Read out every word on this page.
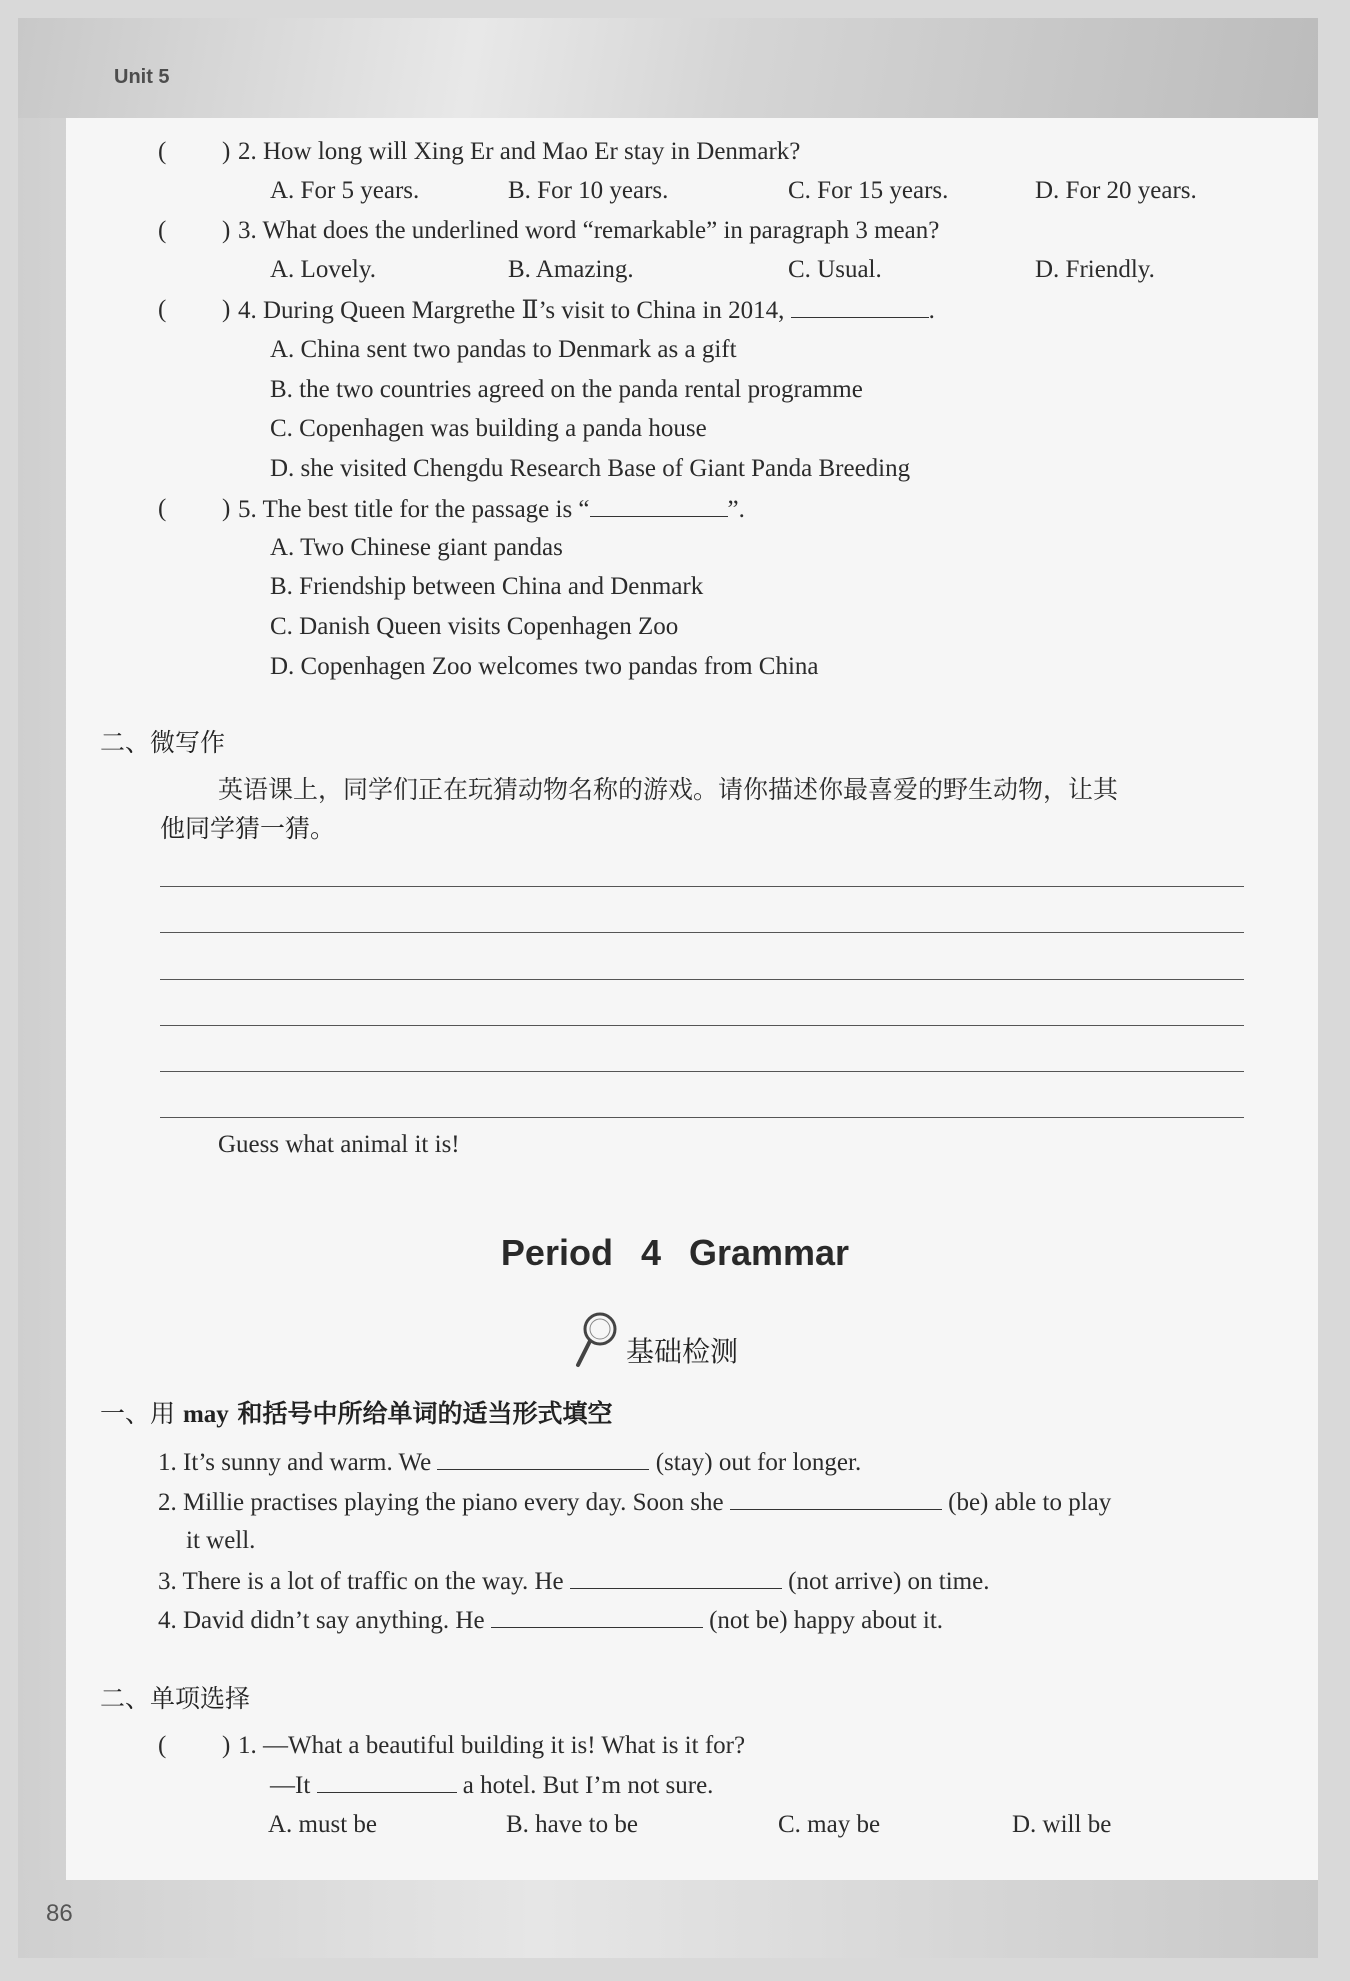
Unit 5
( ) 2. How long will Xing Er and Mao Er stay in Denmark?
A. For 5 years.	B. For 10 years.	C. For 15 years.	D. For 20 years.
( ) 3. What does the underlined word “remarkable” in paragraph 3 mean?
A. Lovely.	B. Amazing.	C. Usual.	D. Friendly.
( ) 4. During Queen Margrethe Ⅱ’s visit to China in 2014,	.
A. China sent two pandas to Denmark as a gift
B. the two countries agreed on the panda rental programme
C. Copenhagen was building a panda house
D. she visited Chengdu Research Base of Giant Panda Breeding
( ) 5. The best title for the passage is “	”.
A. Two Chinese giant pandas
B. Friendship between China and Denmark
C. Danish Queen visits Copenhagen Zoo
D. Copenhagen Zoo welcomes two pandas from China
二、微写作
英语课上，同学们正在玩猜动物名称的游戏。请你描述你最喜爱的野生动物，让其

他同学猜一猜。
Guess what animal it is!
Period 4 Grammar
基础检测
一、用 may 和括号中所给单词的适当形式填空
1. It’s sunny and warm. We	(stay) out for longer.
2. Millie practises playing the piano every day. Soon she	(be) able to play
it well.
3. There is a lot of traffic on the way. He	(not arrive) on time.
4. David didn’t say anything. He	(not be) happy about it.
二、单项选择
( ) 1. —What a beautiful building it is! What is it for?
—It	a hotel. But I’m not sure.
A. must be	B. have to be	C. may be	D. will be
86
